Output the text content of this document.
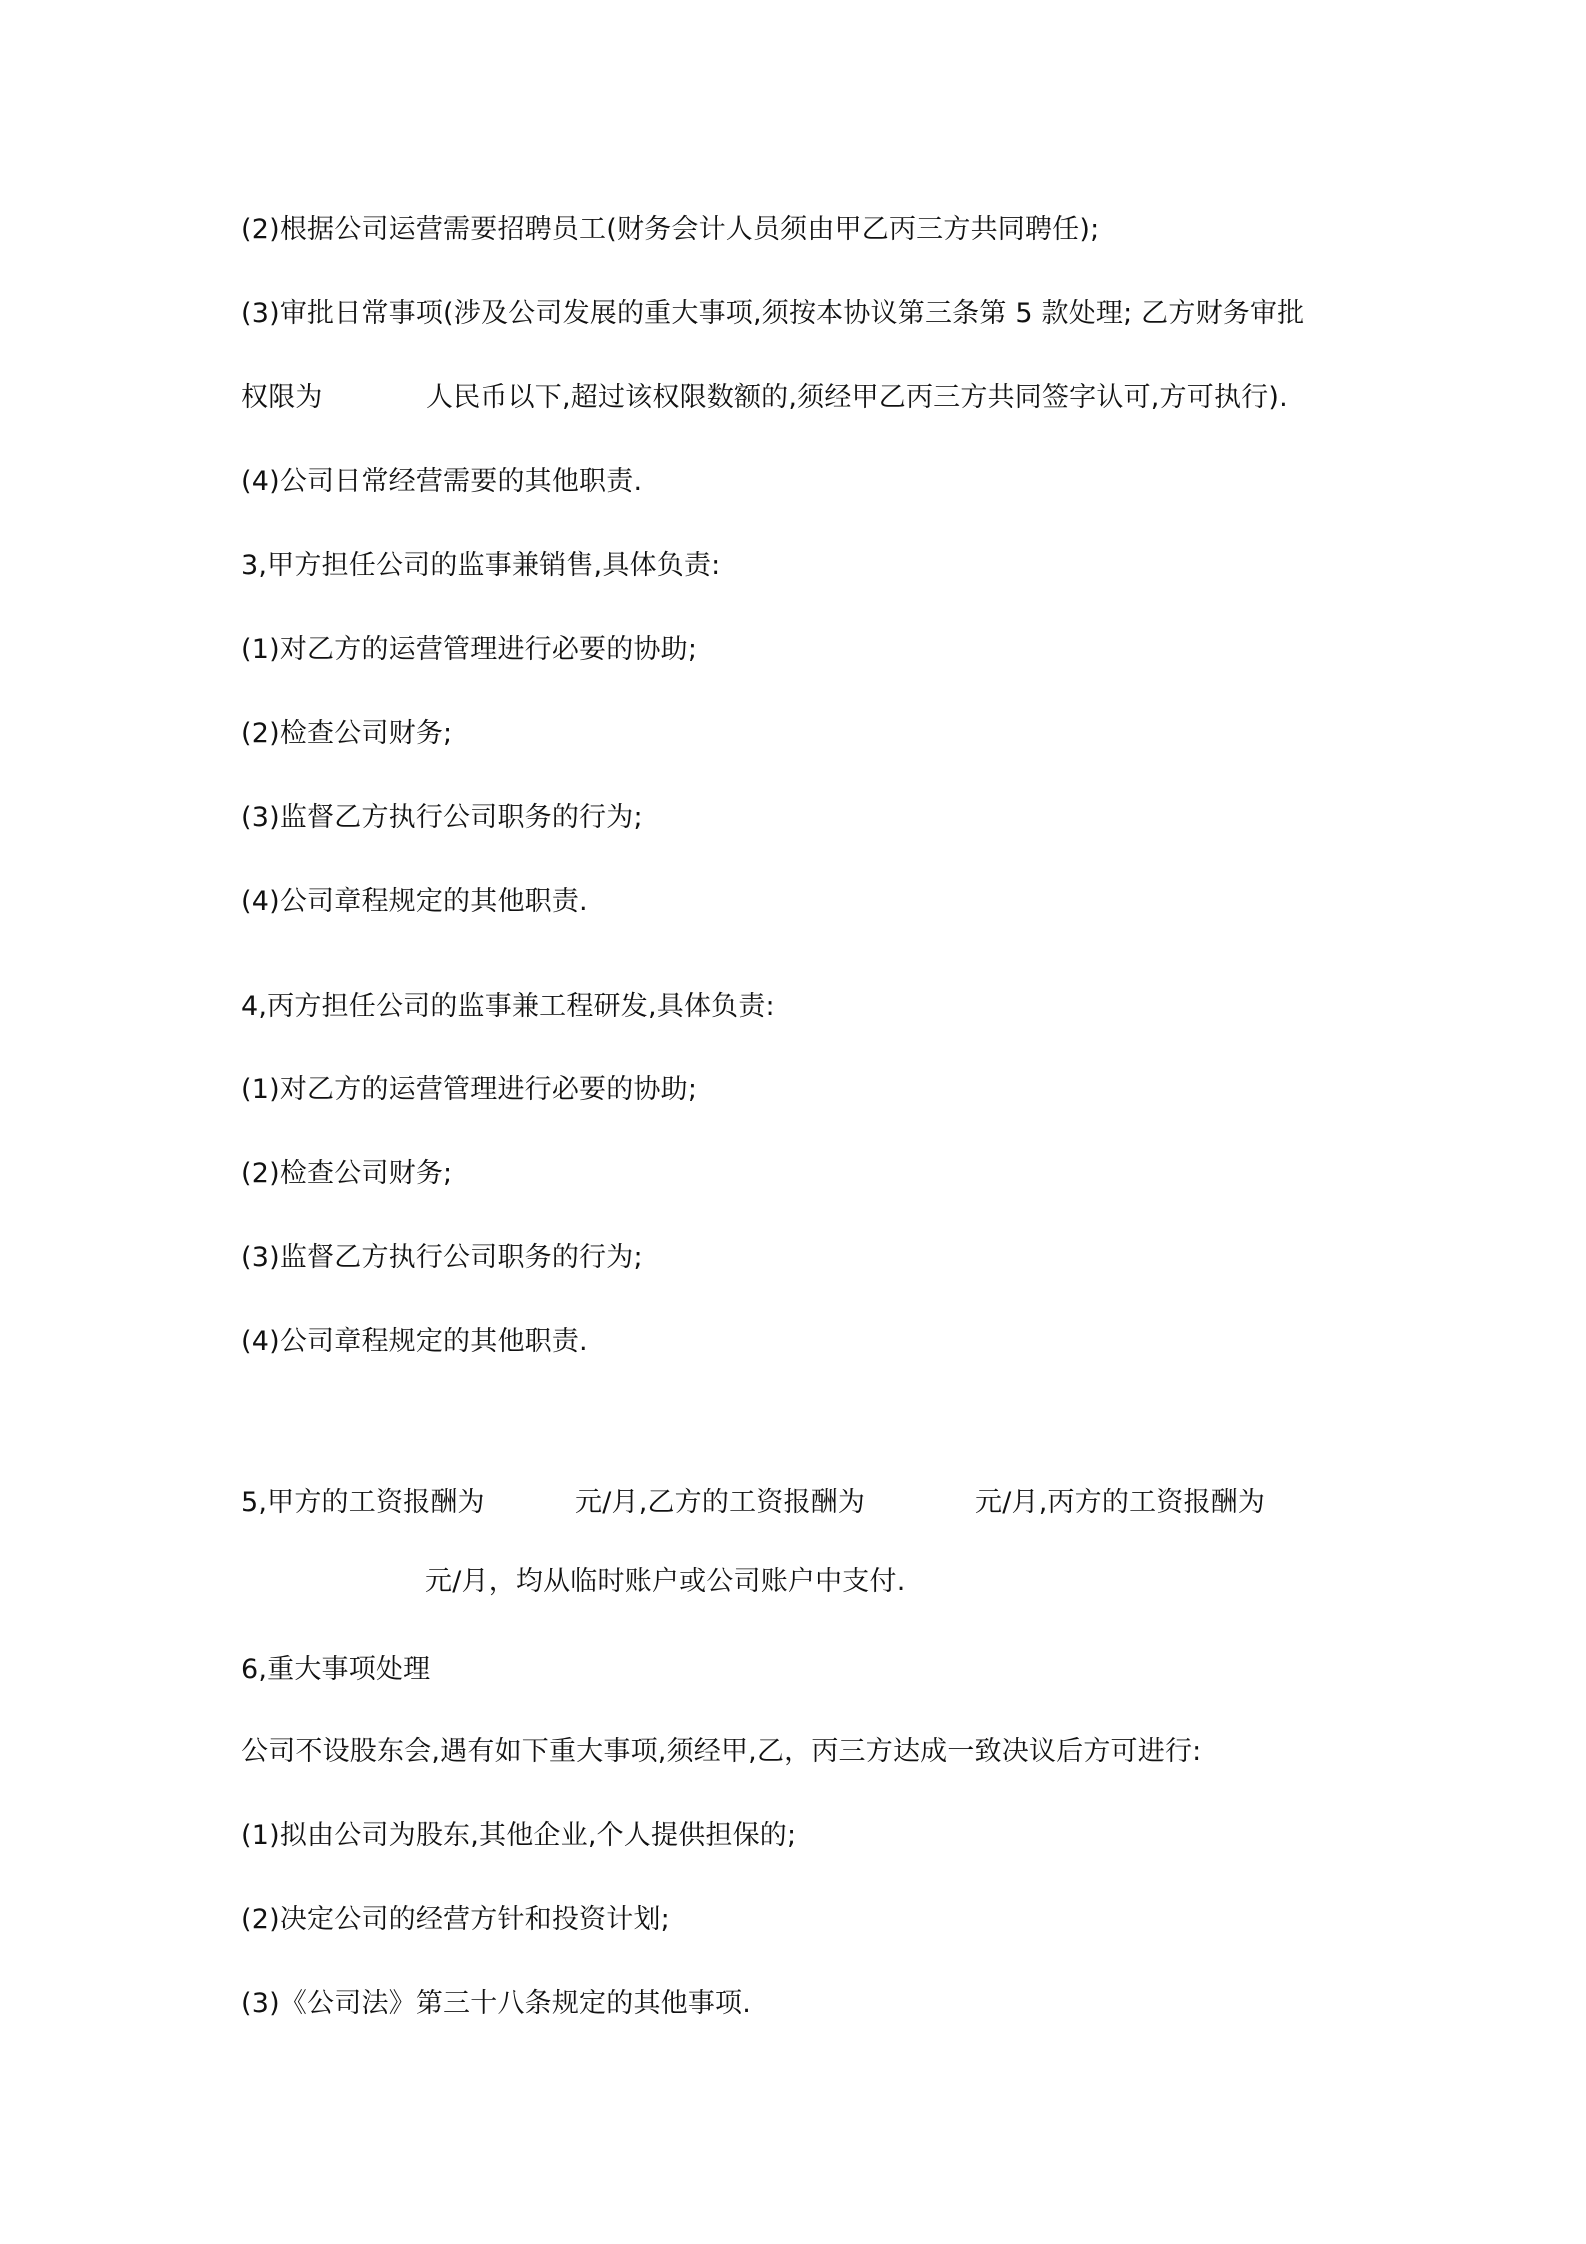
(2)根据公司运营需要招聘员工(财务会计人员须由甲乙丙三方共同聘任);
(3)审批日常事项(涉及公司发展的重大事项,须按本协议第三条第 5 款处理; 乙方财务审批
权限为	人民币以下,超过该权限数额的,须经甲乙丙三方共同签字认可,方可执行).
(4)公司日常经营需要的其他职责.
3,甲方担任公司的监事兼销售,具体负责:
(1)对乙方的运营管理进行必要的协助;
(2)检查公司财务;
(3)监督乙方执行公司职务的行为;
(4)公司章程规定的其他职责.
4,丙方担任公司的监事兼工程研发,具体负责:
(1)对乙方的运营管理进行必要的协助;
(2)检查公司财务;
(3)监督乙方执行公司职务的行为;
(4)公司章程规定的其他职责.
5,甲方的工资报酬为	元/月,乙方的工资报酬为	元/月,丙方的工资报酬为
元/月，均从临时账户或公司账户中支付.
6,重大事项处理
公司不设股东会,遇有如下重大事项,须经甲,乙，丙三方达成一致决议后方可进行:
(1)拟由公司为股东,其他企业,个人提供担保的;
(2)决定公司的经营方针和投资计划;
(3)《公司法》第三十八条规定的其他事项.
